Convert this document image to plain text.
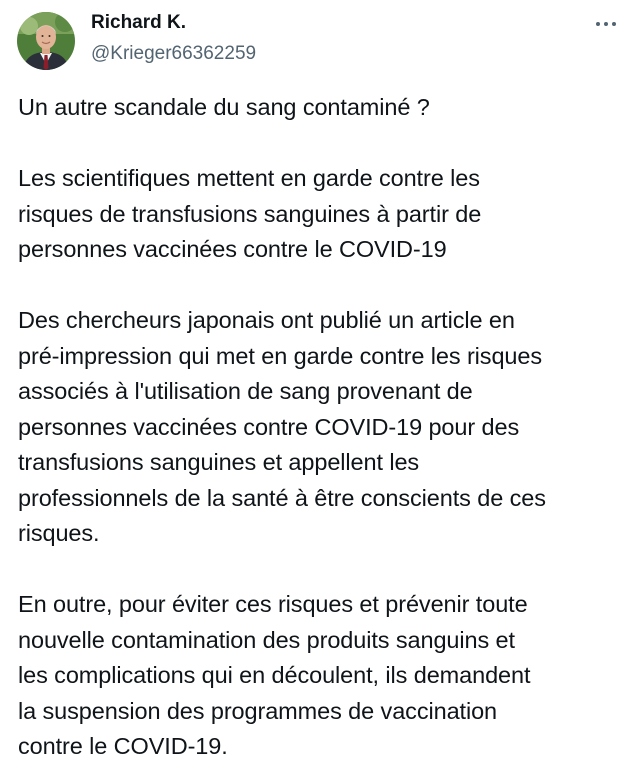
Richard K.
@Krieger66362259

Un autre scandale du sang contaminé ?

Les scientifiques mettent en garde contre les
risques de transfusions sanguines à partir de
personnes vaccinées contre le COVID-19

Des chercheurs japonais ont publié un article en
pré-impression qui met en garde contre les risques
associés à l'utilisation de sang provenant de
personnes vaccinées contre COVID-19 pour des
transfusions sanguines et appellent les
professionnels de la santé à être conscients de ces
risques.

En outre, pour éviter ces risques et prévenir toute
nouvelle contamination des produits sanguins et
les complications qui en découlent, ils demandent
la suspension des programmes de vaccination
contre le COVID-19.
